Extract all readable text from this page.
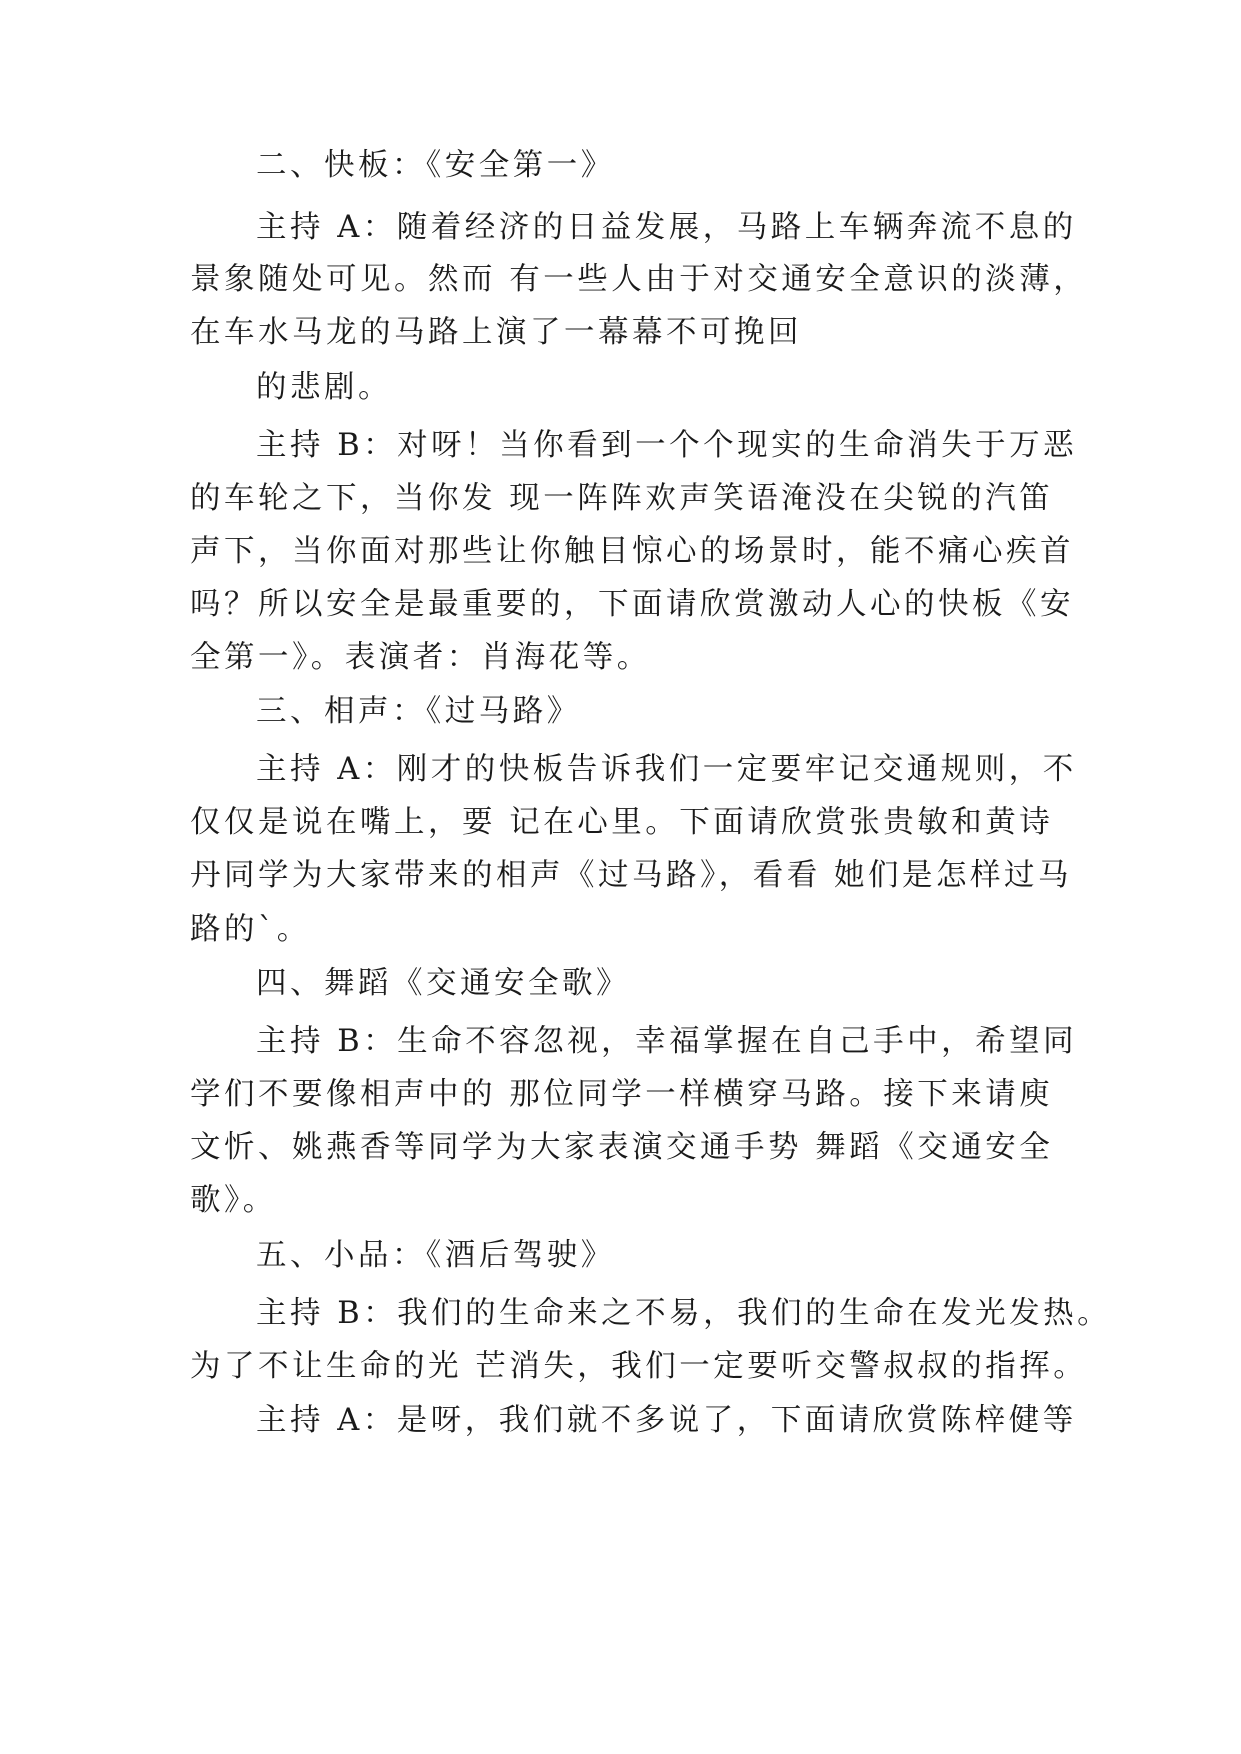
二、快板：《安全第一》
主持 A：随着经济的日益发展，马路上车辆奔流不息的
景象随处可见。然而 有一些人由于对交通安全意识的淡薄，
在车水马龙的马路上演了一幕幕不可挽回
的悲剧。
主持 B：对呀！当你看到一个个现实的生命消失于万恶
的车轮之下，当你发 现一阵阵欢声笑语淹没在尖锐的汽笛
声下，当你面对那些让你触目惊心的场景时，能不痛心疾首
吗？所以安全是最重要的，下面请欣赏激动人心的快板《安
全第一》。表演者：肖海花等。
三、相声：《过马路》
主持 A：刚才的快板告诉我们一定要牢记交通规则，不
仅仅是说在嘴上，要 记在心里。下面请欣赏张贵敏和黄诗
丹同学为大家带来的相声《过马路》，看看 她们是怎样过马
路的`。
四、舞蹈《交通安全歌》
主持 B：生命不容忽视，幸福掌握在自己手中，希望同
学们不要像相声中的 那位同学一样横穿马路。接下来请庾
文忻、姚燕香等同学为大家表演交通手势 舞蹈《交通安全
歌》。
五、小品：《酒后驾驶》
主持 B：我们的生命来之不易，我们的生命在发光发热。
为了不让生命的光 芒消失，我们一定要听交警叔叔的指挥。
主持 A：是呀，我们就不多说了，下面请欣赏陈梓健等
